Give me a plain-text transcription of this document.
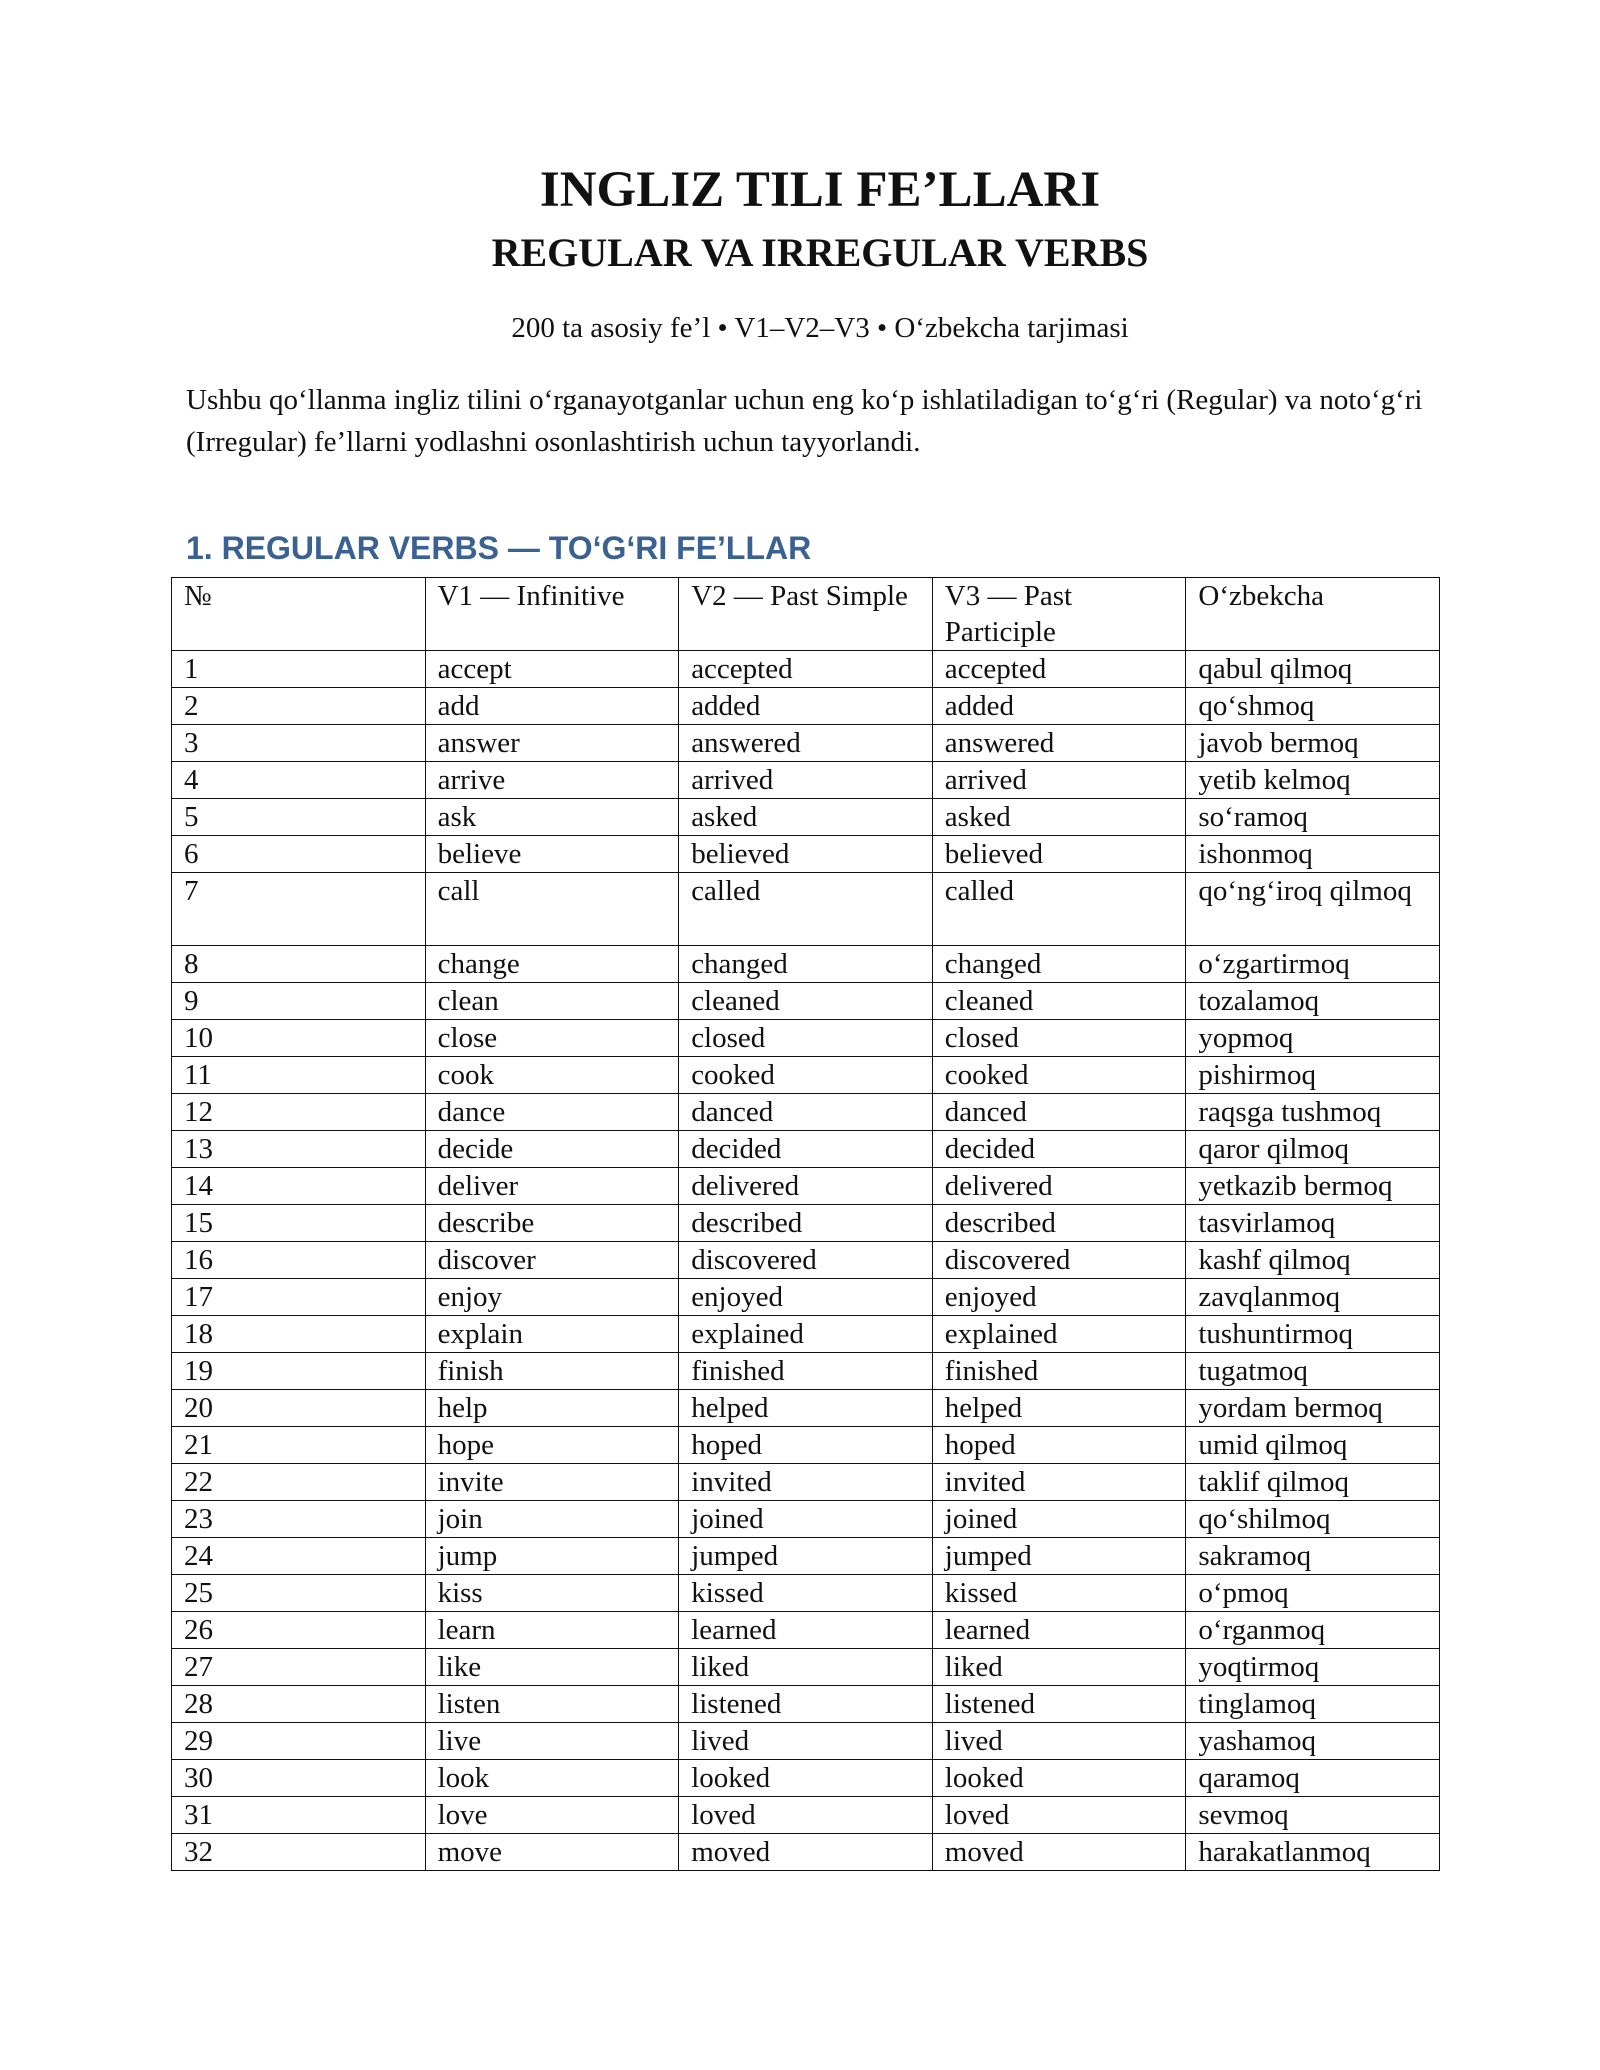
INGLIZ TILI FE’LLARI
REGULAR VA IRREGULAR VERBS
200 ta asosiy fe’l • V1–V2–V3 • O‘zbekcha tarjimasi
Ushbu qo‘llanma ingliz tilini o‘rganayotganlar uchun eng ko‘p ishlatiladigan to‘g‘ri (Regular) va noto‘g‘ri (Irregular) fe’llarni yodlashni osonlashtirish uchun tayyorlandi.
1. REGULAR VERBS — TO‘G‘RI FE’LLAR
№	V1 — Infinitive	V2 — Past Simple	V3 — Past Participle	O‘zbekcha
1	accept	accepted	accepted	qabul qilmoq
2	add	added	added	qo‘shmoq
3	answer	answered	answered	javob bermoq
4	arrive	arrived	arrived	yetib kelmoq
5	ask	asked	asked	so‘ramoq
6	believe	believed	believed	ishonmoq
7	call	called	called	qo‘ng‘iroq qilmoq
8	change	changed	changed	o‘zgartirmoq
9	clean	cleaned	cleaned	tozalamoq
10	close	closed	closed	yopmoq
11	cook	cooked	cooked	pishirmoq
12	dance	danced	danced	raqsga tushmoq
13	decide	decided	decided	qaror qilmoq
14	deliver	delivered	delivered	yetkazib bermoq
15	describe	described	described	tasvirlamoq
16	discover	discovered	discovered	kashf qilmoq
17	enjoy	enjoyed	enjoyed	zavqlanmoq
18	explain	explained	explained	tushuntirmoq
19	finish	finished	finished	tugatmoq
20	help	helped	helped	yordam bermoq
21	hope	hoped	hoped	umid qilmoq
22	invite	invited	invited	taklif qilmoq
23	join	joined	joined	qo‘shilmoq
24	jump	jumped	jumped	sakramoq
25	kiss	kissed	kissed	o‘pmoq
26	learn	learned	learned	o‘rganmoq
27	like	liked	liked	yoqtirmoq
28	listen	listened	listened	tinglamoq
29	live	lived	lived	yashamoq
30	look	looked	looked	qaramoq
31	love	loved	loved	sevmoq
32	move	moved	moved	harakatlanmoq
